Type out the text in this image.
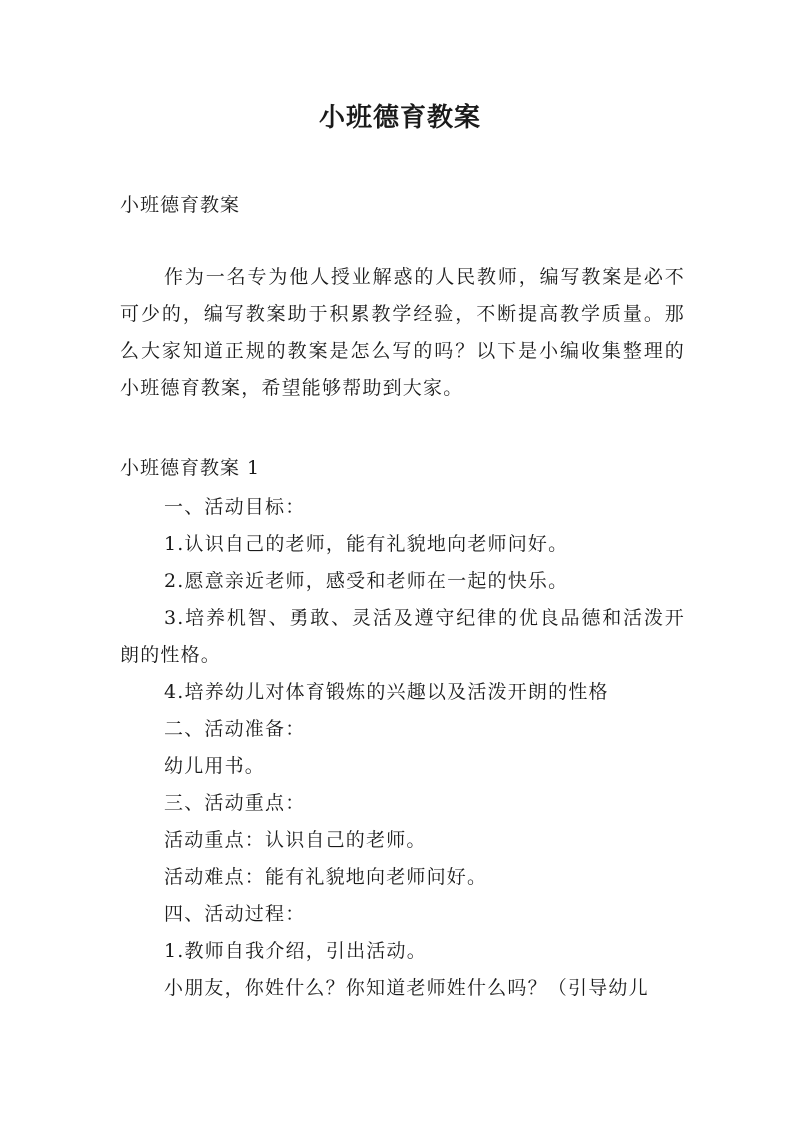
小班德育教案
小班德育教案

作为一名专为他人授业解惑的人民教师，编写教案是必不可少的，编写教案助于积累教学经验，不断提高教学质量。那么大家知道正规的教案是怎么写的吗？以下是小编收集整理的小班德育教案，希望能够帮助到大家。

小班德育教案 1

一、活动目标：

1.认识自己的老师，能有礼貌地向老师问好。

2.愿意亲近老师，感受和老师在一起的快乐。

3.培养机智、勇敢、灵活及遵守纪律的优良品德和活泼开朗的性格。

4.培养幼儿对体育锻炼的兴趣以及活泼开朗的性格

二、活动准备：

幼儿用书。

三、活动重点：

活动重点：认识自己的老师。

活动难点：能有礼貌地向老师问好。

四、活动过程：

1.教师自我介绍，引出活动。

小朋友，你姓什么？你知道老师姓什么吗？（引导幼儿
